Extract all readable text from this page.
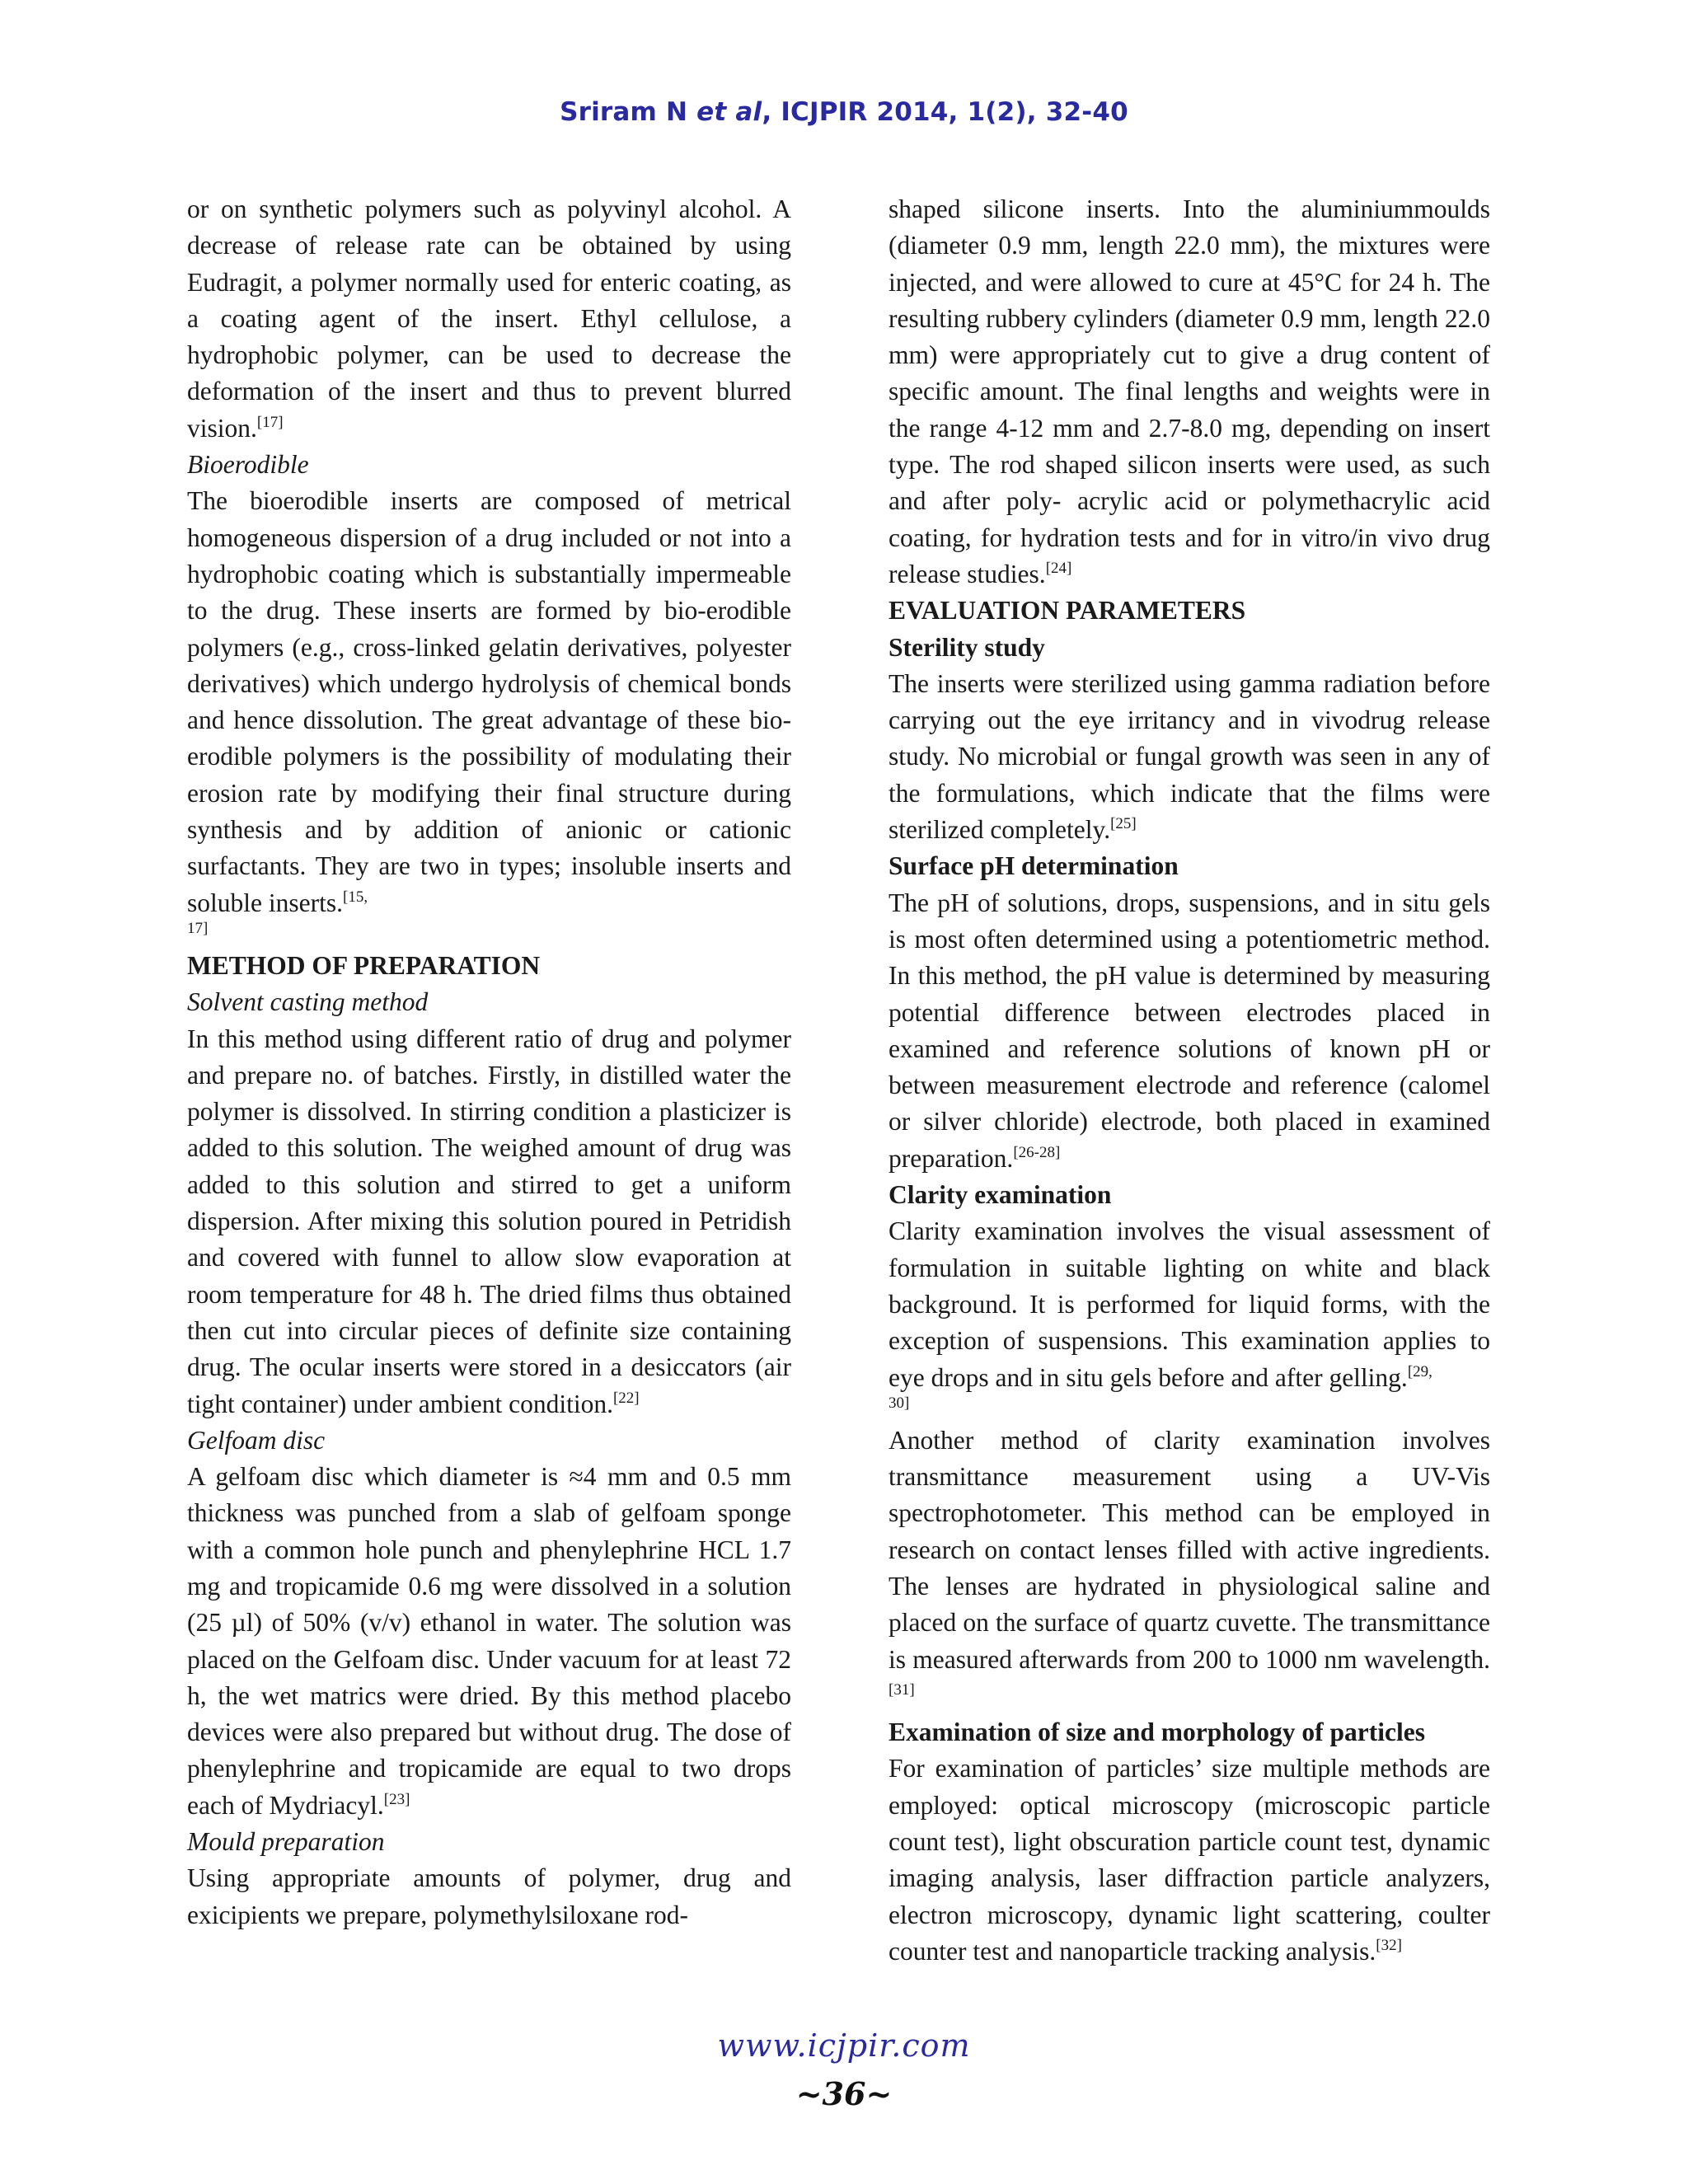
Sriram N et al, ICJPIR 2014, 1(2), 32-40

or on synthetic polymers such as polyvinyl alcohol. A decrease of release rate can be obtained by using Eudragit, a polymer normally used for enteric coating, as a coating agent of the insert. Ethyl cellulose, a hydrophobic polymer, can be used to decrease the deformation of the insert and thus to prevent blurred vision.[17]

Bioerodible

The bioerodible inserts are composed of metrical homogeneous dispersion of a drug included or not into a hydrophobic coating which is substantially impermeable to the drug. These inserts are formed by bio-erodible polymers (e.g., cross-linked gelatin derivatives, polyester derivatives) which undergo hydrolysis of chemical bonds and hence dissolution. The great advantage of these bio-erodible polymers is the possibility of modulating their erosion rate by modifying their final structure during synthesis and by addition of anionic or cationic surfactants. They are two in types; insoluble inserts and soluble inserts.$^{[15,}$

17]

METHOD OF PREPARATION

Solvent casting method

In this method using different ratio of drug and polymer and prepare no. of batches. Firstly, in distilled water the polymer is dissolved. In stirring condition a plasticizer is added to this solution. The weighed amount of drug was added to this solution and stirred to get a uniform dispersion. After mixing this solution poured in Petridish and covered with funnel to allow slow evaporation at room temperature for 48 h. The dried films thus obtained then cut into circular pieces of definite size containing drug. The ocular inserts were stored in a desiccators (air tight container) under ambient condition.[22]

Gelfoam disc

A gelfoam disc which diameter is ≈4 mm and 0.5 mm thickness was punched from a slab of gelfoam sponge with a common hole punch and phenylephrine HCL 1.7 mg and tropicamide 0.6 mg were dissolved in a solution (25 µl) of 50% (v/v) ethanol in water. The solution was placed on the Gelfoam disc. Under vacuum for at least 72 h, the wet matrics were dried. By this method placebo devices were also prepared but without drug. The dose of phenylephrine and tropicamide are equal to two drops each of Mydriacyl.[23]

Mould preparation

Using appropriate amounts of polymer, drug and exicipients we prepare, polymethylsiloxane rod-

shaped silicone inserts. Into the aluminiummoulds (diameter 0.9 mm, length 22.0 mm), the mixtures were injected, and were allowed to cure at 45°C for 24 h. The resulting rubbery cylinders (diameter 0.9 mm, length 22.0 mm) were appropriately cut to give a drug content of specific amount. The final lengths and weights were in the range 4-12 mm and 2.7-8.0 mg, depending on insert type. The rod shaped silicon inserts were used, as such and after poly- acrylic acid or polymethacrylic acid coating, for hydration tests and for in vitro/in vivo drug release studies.[24]

EVALUATION PARAMETERS

Sterility study

The inserts were sterilized using gamma radiation before carrying out the eye irritancy and in vivodrug release study. No microbial or fungal growth was seen in any of the formulations, which indicate that the films were sterilized completely.[25]

Surface pH determination

The pH of solutions, drops, suspensions, and in situ gels is most often determined using a potentiometric method. In this method, the pH value is determined by measuring potential difference between electrodes placed in examined and reference solutions of known pH or between measurement electrode and reference (calomel or silver chloride) electrode, both placed in examined preparation.[26-28]

Clarity examination

Clarity examination involves the visual assessment of formulation in suitable lighting on white and black background. It is performed for liquid forms, with the exception of suspensions. This examination applies to eye drops and in situ gels before and after gelling.$^{[29,}$

30]

Another method of clarity examination involves transmittance measurement using a UV-Vis spectrophotometer. This method can be employed in research on contact lenses filled with active ingredients. The lenses are hydrated in physiological saline and placed on the surface of quartz cuvette. The transmittance is measured afterwards from 200 to 1000 nm wavelength.[31]

Examination of size and morphology of particles

For examination of particles’ size multiple methods are employed: optical microscopy (microscopic particle count test), light obscuration particle count test, dynamic imaging analysis, laser diffraction particle analyzers, electron microscopy, dynamic light scattering, coulter counter test and nanoparticle tracking analysis.[32]

www.icjpir.com
~36~
